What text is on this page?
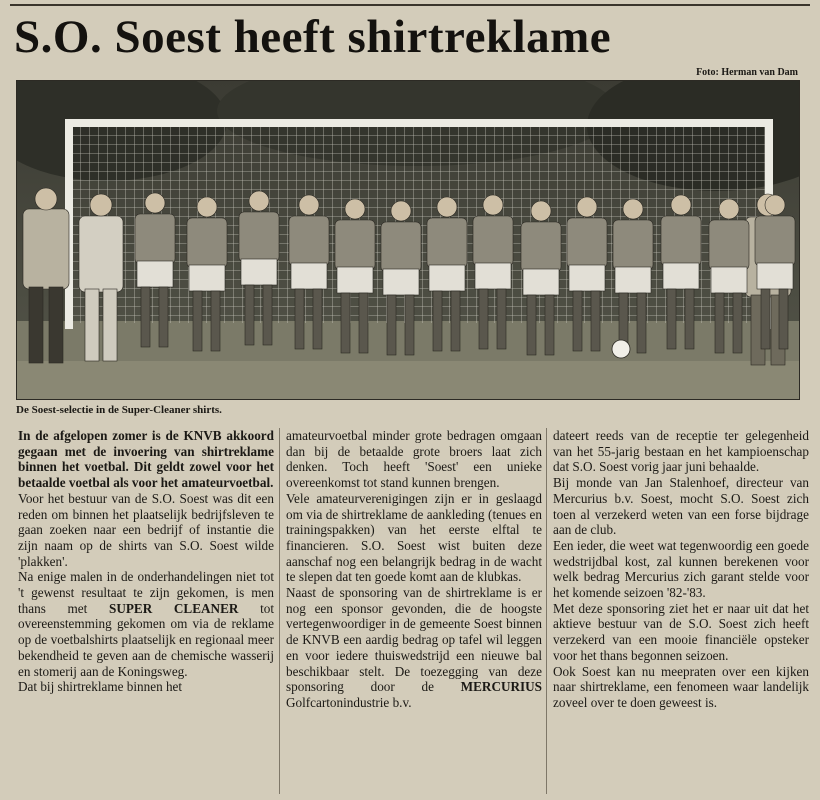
S.O. Soest heeft shirtreklame
Foto: Herman van Dam
De Soest-selectie in de Super-Cleaner shirts.

In de afgelopen zomer is de KNVB akkoord gegaan met de invoering van shirtreklame binnen het voetbal. Dit geldt zowel voor het betaalde voetbal als voor het amateurvoetbal.

Voor het bestuur van de S.O. Soest was dit een reden om binnen het plaatselijk bedrijfsleven te gaan zoeken naar een bedrijf of instantie die zijn naam op de shirts van S.O. Soest wilde 'plakken'.

Na enige malen in de onderhandelingen niet tot 't gewenst resultaat te zijn gekomen, is men thans met SUPER CLEANER tot overeenstemming gekomen om via de reklame op de voetbalshirts plaatselijk en regionaal meer bekendheid te geven aan de chemische wasserij en stomerij aan de Koningsweg.

Dat bij shirtreklame binnen het

amateurvoetbal minder grote bedragen omgaan dan bij de betaalde grote broers laat zich denken. Toch heeft 'Soest' een unieke overeenkomst tot stand kunnen brengen.

Vele amateurverenigingen zijn er in geslaagd om via de shirtreklame de aankleding (tenues en trainingspakken) van het eerste elftal te financieren. S.O. Soest wist buiten deze aanschaf nog een belangrijk bedrag in de wacht te slepen dat ten goede komt aan de klubkas.

Naast de sponsoring van de shirtreklame is er nog een sponsor gevonden, die de hoogste vertegenwoordiger in de gemeente Soest binnen de KNVB een aardig bedrag op tafel wil leggen en voor iedere thuiswedstrijd een nieuwe bal beschikbaar stelt. De toezegging van deze sponsoring door de MERCURIUS Golfcartonindustrie b.v.

dateert reeds van de receptie ter gelegenheid van het 55-jarig bestaan en het kampioenschap dat S.O. Soest vorig jaar juni behaalde.

Bij monde van Jan Stalenhoef, directeur van Mercurius b.v. Soest, mocht S.O. Soest zich toen al verzekerd weten van een forse bijdrage aan de club.

Een ieder, die weet wat tegenwoordig een goede wedstrijdbal kost, zal kunnen berekenen voor welk bedrag Mercurius zich garant stelde voor het komende seizoen '82-'83.

Met deze sponsoring ziet het er naar uit dat het aktieve bestuur van de S.O. Soest zich heeft verzekerd van een mooie financiële opsteker voor het thans begonnen seizoen.

Ook Soest kan nu meepraten over een kijken naar shirtreklame, een fenomeen waar landelijk zoveel over te doen geweest is.
